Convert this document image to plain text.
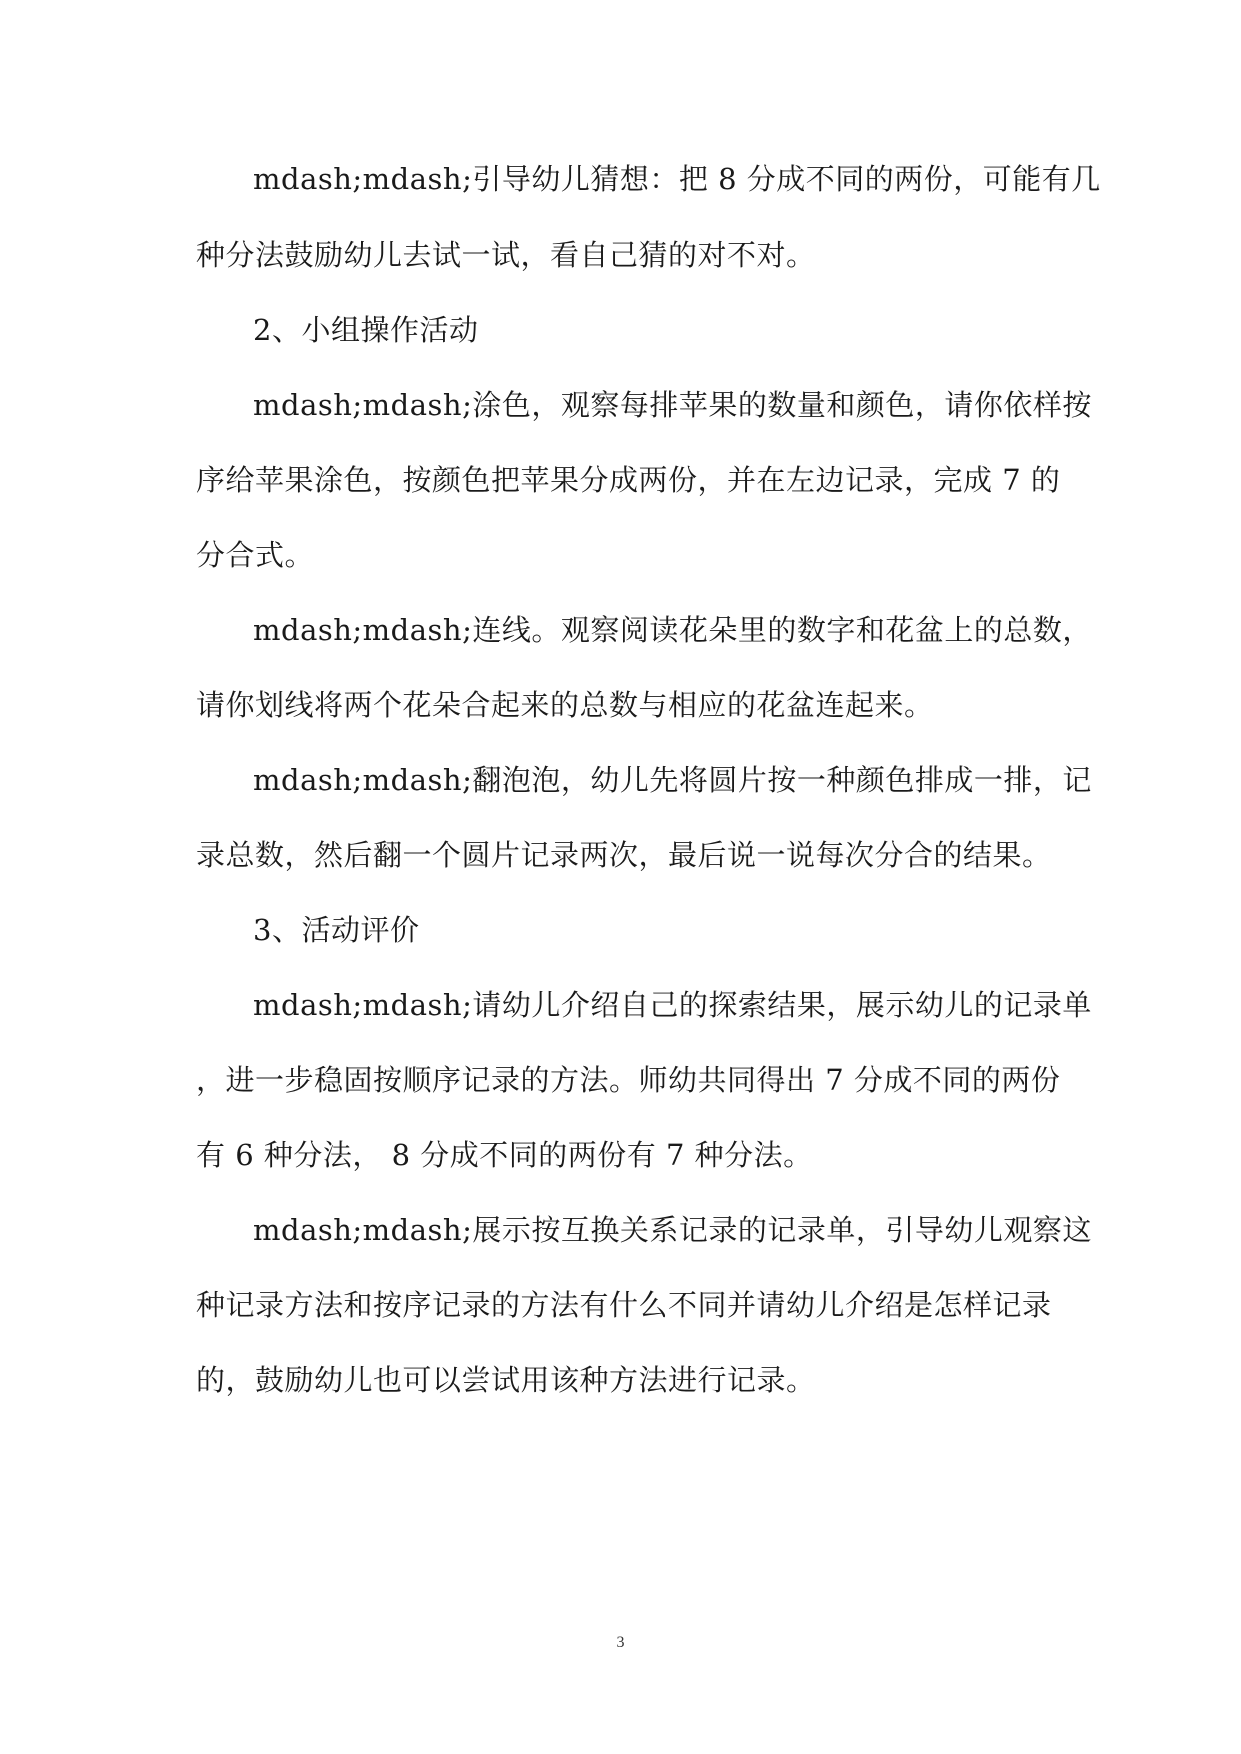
mdash;mdash;引导幼儿猜想：把 8 分成不同的两份，可能有几
种分法鼓励幼儿去试一试，看自己猜的对不对。
2、小组操作活动
mdash;mdash;涂色，观察每排苹果的数量和颜色，请你依样按
序给苹果涂色，按颜色把苹果分成两份，并在左边记录，完成 7 的
分合式。
mdash;mdash;连线。观察阅读花朵里的数字和花盆上的总数，
请你划线将两个花朵合起来的总数与相应的花盆连起来。
mdash;mdash;翻泡泡，幼儿先将圆片按一种颜色排成一排，记
录总数，然后翻一个圆片记录两次，最后说一说每次分合的结果。
3、活动评价
mdash;mdash;请幼儿介绍自己的探索结果，展示幼儿的记录单
，进一步稳固按顺序记录的方法。师幼共同得出 7 分成不同的两份
有 6 种分法， 8 分成不同的两份有 7 种分法。
mdash;mdash;展示按互换关系记录的记录单，引导幼儿观察这
种记录方法和按序记录的方法有什么不同并请幼儿介绍是怎样记录
的，鼓励幼儿也可以尝试用该种方法进行记录。
3
